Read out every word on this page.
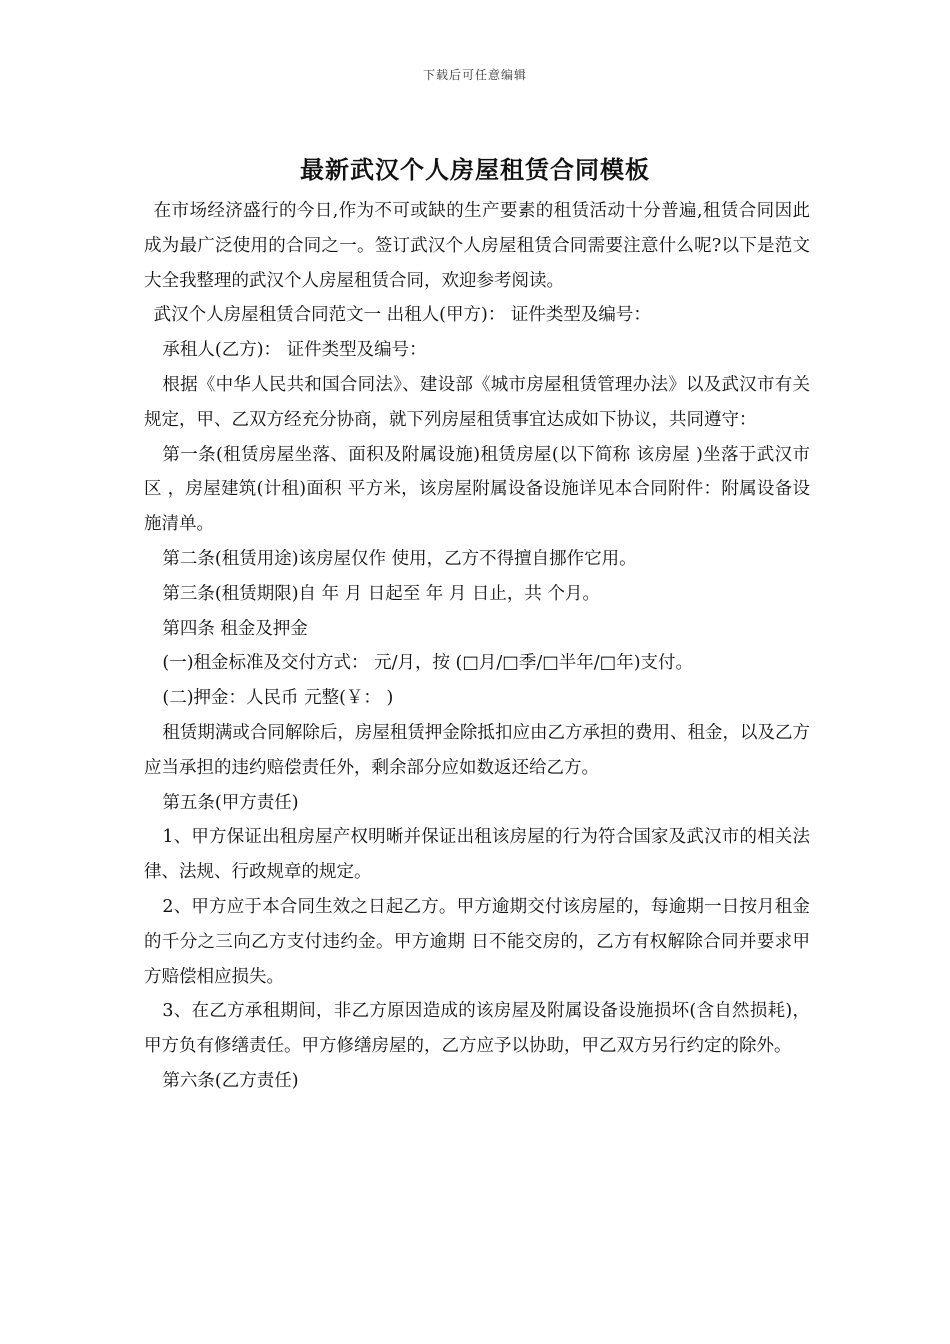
下载后可任意编辑
最新武汉个人房屋租赁合同模板

在市场经济盛行的今日,作为不可或缺的生产要素的租赁活动十分普遍,租赁合同因此成为最广泛使用的合同之一。签订武汉个人房屋租赁合同需要注意什么呢?以下是范文大全我整理的武汉个人房屋租赁合同，欢迎参考阅读。

武汉个人房屋租赁合同范文一 出租人(甲方)： 证件类型及编号：

承租人(乙方)： 证件类型及编号：

根据《中华人民共和国合同法》、建设部《城市房屋租赁管理办法》以及武汉市有关规定，甲、乙双方经充分协商，就下列房屋租赁事宜达成如下协议，共同遵守：

第一条(租赁房屋坐落、面积及附属设施)租赁房屋(以下简称 该房屋 )坐落于武汉市 区 ，房屋建筑(计租)面积 平方米，该房屋附属设备设施详见本合同附件：附属设备设施清单。

第二条(租赁用途)该房屋仅作 使用，乙方不得擅自挪作它用。

第三条(租赁期限)自 年 月 日起至 年 月 日止，共 个月。

第四条 租金及押金

(一)租金标准及交付方式： 元/月，按 (□月/□季/□半年/□年)支付。

(二)押金：人民币 元整(￥： )

租赁期满或合同解除后，房屋租赁押金除抵扣应由乙方承担的费用、租金，以及乙方应当承担的违约赔偿责任外，剩余部分应如数返还给乙方。

第五条(甲方责任)

1、甲方保证出租房屋产权明晰并保证出租该房屋的行为符合国家及武汉市的相关法律、法规、行政规章的规定。

2、甲方应于本合同生效之日起乙方。甲方逾期交付该房屋的，每逾期一日按月租金的千分之三向乙方支付违约金。甲方逾期 日不能交房的，乙方有权解除合同并要求甲方赔偿相应损失。

3、在乙方承租期间，非乙方原因造成的该房屋及附属设备设施损坏(含自然损耗)，甲方负有修缮责任。甲方修缮房屋的，乙方应予以协助，甲乙双方另行约定的除外。

第六条(乙方责任)
